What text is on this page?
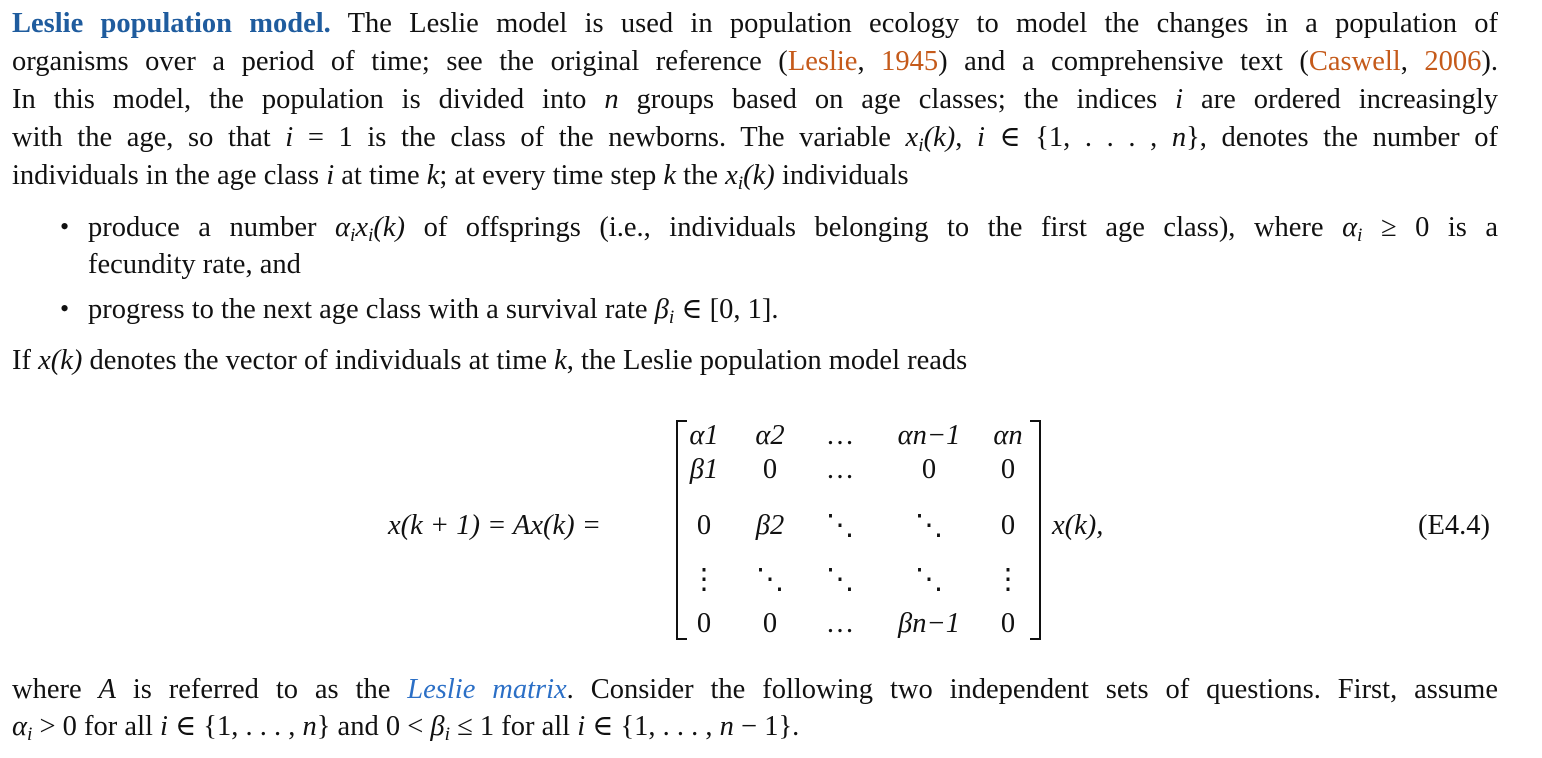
Leslie population model. The Leslie model is used in population ecology to model the changes in a population of
organisms over a period of time; see the original reference (Leslie, 1945) and a comprehensive text (Caswell, 2006).
In this model, the population is divided into n groups based on age classes; the indices i are ordered increasingly
with the age, so that i = 1 is the class of the newborns. The variable xi(k), i ∈ {1, . . . , n}, denotes the number of
individuals in the age class i at time k; at every time step k the xi(k) individuals
• produce a number αixi(k) of offsprings (i.e., individuals belonging to the first age class), where αi ≥ 0 is a
fecundity rate, and
• progress to the next age class with a survival rate βi ∈ [0, 1].
If x(k) denotes the vector of individuals at time k, the Leslie population model reads
x(k + 1) = Ax(k) =
α1	α2	…	αn−1	αn
β1	0	…	0	0
0	β2	⋱	⋱	0
⋮	⋱	⋱	⋱	⋮
0	0	…	βn−1	0
x(k),	(E4.4)
where A is referred to as the Leslie matrix. Consider the following two independent sets of questions. First, assume
αi > 0 for all i ∈ {1, . . . , n} and 0 < βi ≤ 1 for all i ∈ {1, . . . , n − 1}.
